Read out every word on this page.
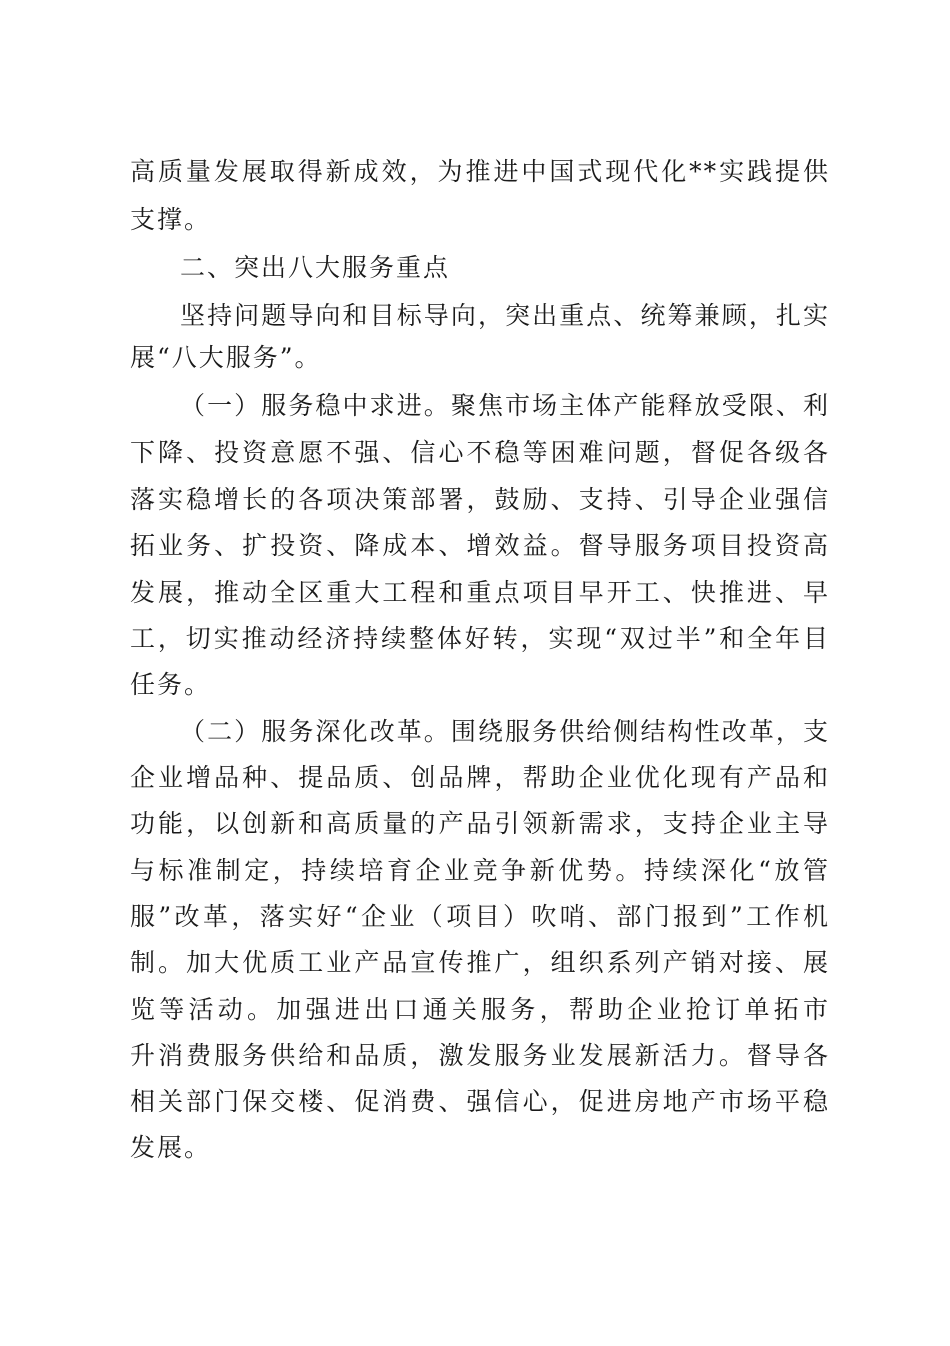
高质量发展取得新成效，为推进中国式现代化**实践提供
支撑。
二、突出八大服务重点
坚持问题导向和目标导向，突出重点、统筹兼顾，扎实
展“八大服务”。
（一）服务稳中求进。聚焦市场主体产能释放受限、利
下降、投资意愿不强、信心不稳等困难问题，督促各级各
落实稳增长的各项决策部署，鼓励、支持、引导企业强信
拓业务、扩投资、降成本、增效益。督导服务项目投资高
发展，推动全区重大工程和重点项目早开工、快推进、早
工，切实推动经济持续整体好转，实现“双过半”和全年目
任务。
（二）服务深化改革。围绕服务供给侧结构性改革，支
企业增品种、提品质、创品牌，帮助企业优化现有产品和
功能，以创新和高质量的产品引领新需求，支持企业主导
与标准制定，持续培育企业竞争新优势。持续深化“放管
服”改革，落实好“企业（项目）吹哨、部门报到”工作机
制。加大优质工业产品宣传推广，组织系列产销对接、展
览等活动。加强进出口通关服务，帮助企业抢订单拓市
升消费服务供给和品质，激发服务业发展新活力。督导各
相关部门保交楼、促消费、强信心，促进房地产市场平稳
发展。
